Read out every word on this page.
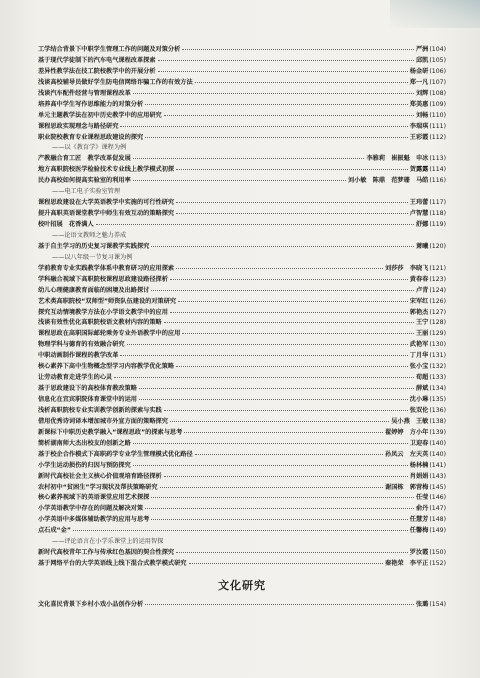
工学结合背景下中职学生管理工作的问题及对策分析	严洲 (104)
基于现代学徒制下的汽车电气课程改革探索	邱凯 (105)
差异性教学法在技工院校教学中的开展分析	杨金研 (106)
浅谈高校辅导员做好学生防电信网络诈骗工作的有效方法	郑一凡 (107)
浅谈汽车配件经营与管理课程改革	刘辉 (108)
培养高中学生写作思维能力的对策分析	郑美惠 (109)
单元主题教学法在初中历史教学中的应用研究	刘畅 (110)
课程思政实现理念与路径研究	李瑞琪 (111)
职业院校教育专业课程思政建设的探究	王彩霞 (112)
——以《教育学》课程为例
产教融合育工匠　教学改革促发展	李雅莉　崔振魁　申冰 (113)
地方高职院校医学检验技术专业线上教学模式初探	贺露露 (114)
民办高校如何提高实验室的利用率	刘小敏　陈鼎　范梦珊　马皓 (116)
——电工电子实验室管理
课程思政建设在大学英语教学中实施的可行性研究	王玮蕾 (117)
提升高职英语课堂教学中师生有效互动的策略探究	卢智慧 (118)
校叶招展　花香满人	舒娜 (119)
——论语文教师之魅力养成
基于自主学习的历史复习课教学实践探究	萧曦 (120)
——以八年级一节复习课为例
学前教育专业实践教学体系中教育研习的应用探索	刘莎莎　李晓飞 (121)
学科融合视域下高职院校课程思政建设路径探析	黄春春 (123)
幼儿心理健康教育面临的困境及出路探讨	卢青 (124)
艺术类高职院校“双师型”师资队伍建设的对策研究	宋军红 (126)
探究互动情境教学方法在小学语文教学中的应用	郭艳杰 (127)
浅谈有效性优化高职院校语文教材内容的策略	王宁 (128)
课程思政在高职国际邮轮乘务专业外语教学中的应用	王丽 (129)
物理学科与德育的有效融合研究	武艳军 (130)
中职动画制作课程的教学改革	丁月华 (131)
核心素养下高中生物概念型学习内容教学优化策略	张小宝 (132)
让劳动教育走进学生的心灵	荀超 (133)
基于思政建设下的高校体育教改策略	薛斌 (134)
信息化在宜宾职院体育课堂中的运用	沈小琳 (135)
浅析高职院校专业实训教学创新的探索与实践	张双伦 (136)
借用优秀诗词译本增加城市外宣方面的策略探究	吴小燕　王敏 (138)
新课标下中职历史教学融入“课程思政”的探索与思考	翟婷婷　方小年 (139)
简析湖南师大杰出校友的创新之路	卫迎春 (140)
基于校企合作模式下高职药学专业学生管理模式优化路径	孙凤云　左天英 (140)
小学生运动损伤的归因与预防探究	杨林楠 (141)
新时代高校社会主义核心价值观培育路径探析	肖娟娟 (143)
农村初中“贫困生”学习现状及帮扶策略研究	谢国栋　郭营梅 (145)
核心素养视域下的英语课堂应用艺术探探	任莹 (146)
小学英语教学中存在的问题及解决对策	俞丹 (147)
小学英语中多媒体辅助教学的应用与思考	任慧芳 (148)
点石成“金”	任馨梅 (149)
——评论语言在小学乐课堂上的运用智探
新时代高校青年工作与传承红色基因的契合性探究	罗汝霞 (150)
基于网络平台的大学英语线上线下混合式教学模式研究	秦艳荣　李平正 (152)
文化研究
文化喜民背景下乡村小戏小品创作分析	张璐 (154)
